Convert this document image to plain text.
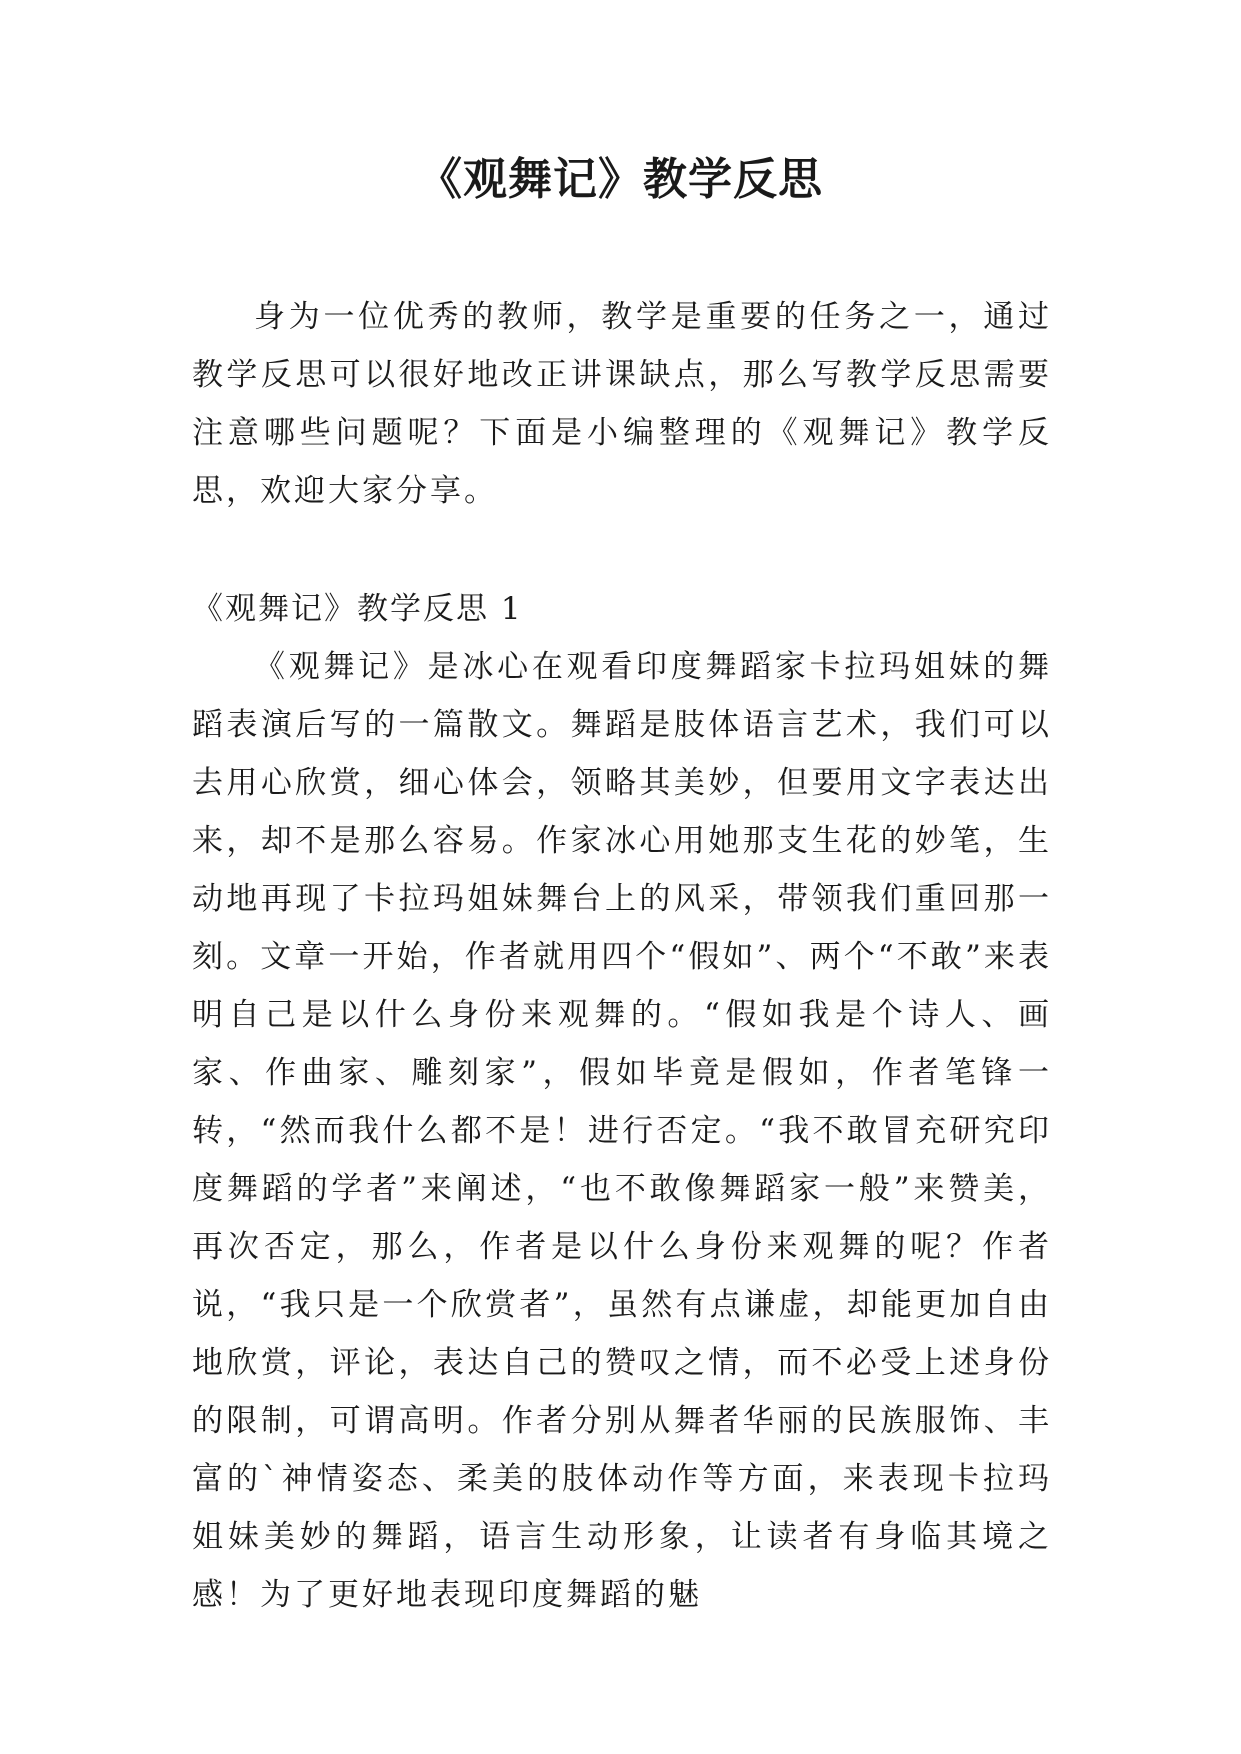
《观舞记》教学反思

身为一位优秀的教师，教学是重要的任务之一，通过教学反思可以很好地改正讲课缺点，那么写教学反思需要注意哪些问题呢？下面是小编整理的《观舞记》教学反思，欢迎大家分享。

《观舞记》教学反思 1

《观舞记》是冰心在观看印度舞蹈家卡拉玛姐妹的舞蹈表演后写的一篇散文。舞蹈是肢体语言艺术，我们可以去用心欣赏，细心体会，领略其美妙，但要用文字表达出来，却不是那么容易。作家冰心用她那支生花的妙笔，生动地再现了卡拉玛姐妹舞台上的风采，带领我们重回那一刻。文章一开始，作者就用四个“假如”、两个“不敢”来表明自己是以什么身份来观舞的。“假如我是个诗人、画家、作曲家、雕刻家”，假如毕竟是假如，作者笔锋一转，“然而我什么都不是！进行否定。“我不敢冒充研究印度舞蹈的学者”来阐述，“也不敢像舞蹈家一般”来赞美，再次否定，那么，作者是以什么身份来观舞的呢？作者说，“我只是一个欣赏者”，虽然有点谦虚，却能更加自由地欣赏，评论，表达自己的赞叹之情，而不必受上述身份的限制，可谓高明。作者分别从舞者华丽的民族服饰、丰富的`神情姿态、柔美的肢体动作等方面，来表现卡拉玛姐妹美妙的舞蹈，语言生动形象，让读者有身临其境之感！为了更好地表现印度舞蹈的魅
